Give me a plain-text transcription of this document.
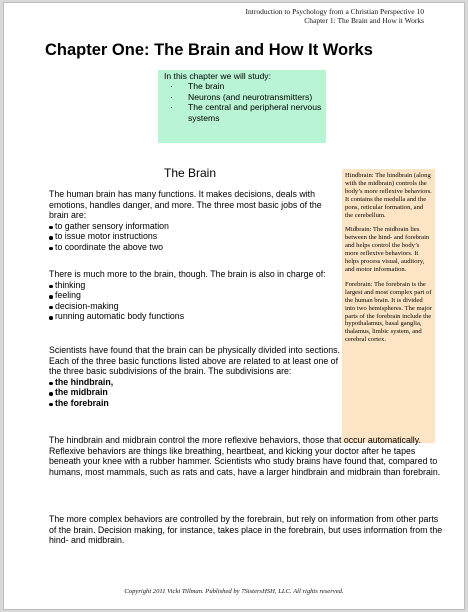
Introduction to Psychology from a Christian Perspective 10
Chapter 1: The Brain and How it Works
Chapter One: The Brain and How It Works
In this chapter we will study:
· The brain
· Neurons (and neurotransmitters)
· The central and peripheral nervous systems
The Brain	Hindbrain: The hindbrain (along with the midbrain) controls the body’s more reflexive behaviors. It contains the medulla and the pons, reticular formation, and the cerebellum.

Midbrain: The midbrain lies between the hind- and forebrain and helps control the body’s more reflexive behaviors. It helps process visual, auditory, and motor information.

Forebrain: The forebrain is the largest and most complex part of the human brain. It is divided into two hemispheres. The major parts of the forebrain include the hypothalamus, basal ganglia, thalamus, limbic system, and cerebral cortex.

The human brain has many functions. It makes decisions, deals with emotions, handles danger, and more. The three most basic jobs of the brain are:

to gather sensory information
to issue motor instructions
to coordinate the above two

There is much more to the brain, though. The brain is also in charge of:

thinking
feeling
decision-making
running automatic body functions

Scientists have found that the brain can be physically divided into sections. Each of the three basic functions listed above are related to at least one of the three basic subdivisions of the brain. The subdivisions are:

the hindbrain,
the midbrain
the forebrain

The hindbrain and midbrain control the more reflexive behaviors, those that occur automatically. Reflexive behaviors are things like breathing, heartbeat, and kicking your doctor after he tapes beneath your knee with a rubber hammer. Scientists who study brains have found that, compared to humans, most mammals, such as rats and cats, have a larger hindbrain and midbrain than forebrain.

The more complex behaviors are controlled by the forebrain, but rely on information from other parts of the brain. Decision making, for instance, takes place in the forebrain, but uses information from the hind- and midbrain.

Copyright 2011 Vicki Tillman. Published by 7SistersHSH, LLC. All rights reserved.
